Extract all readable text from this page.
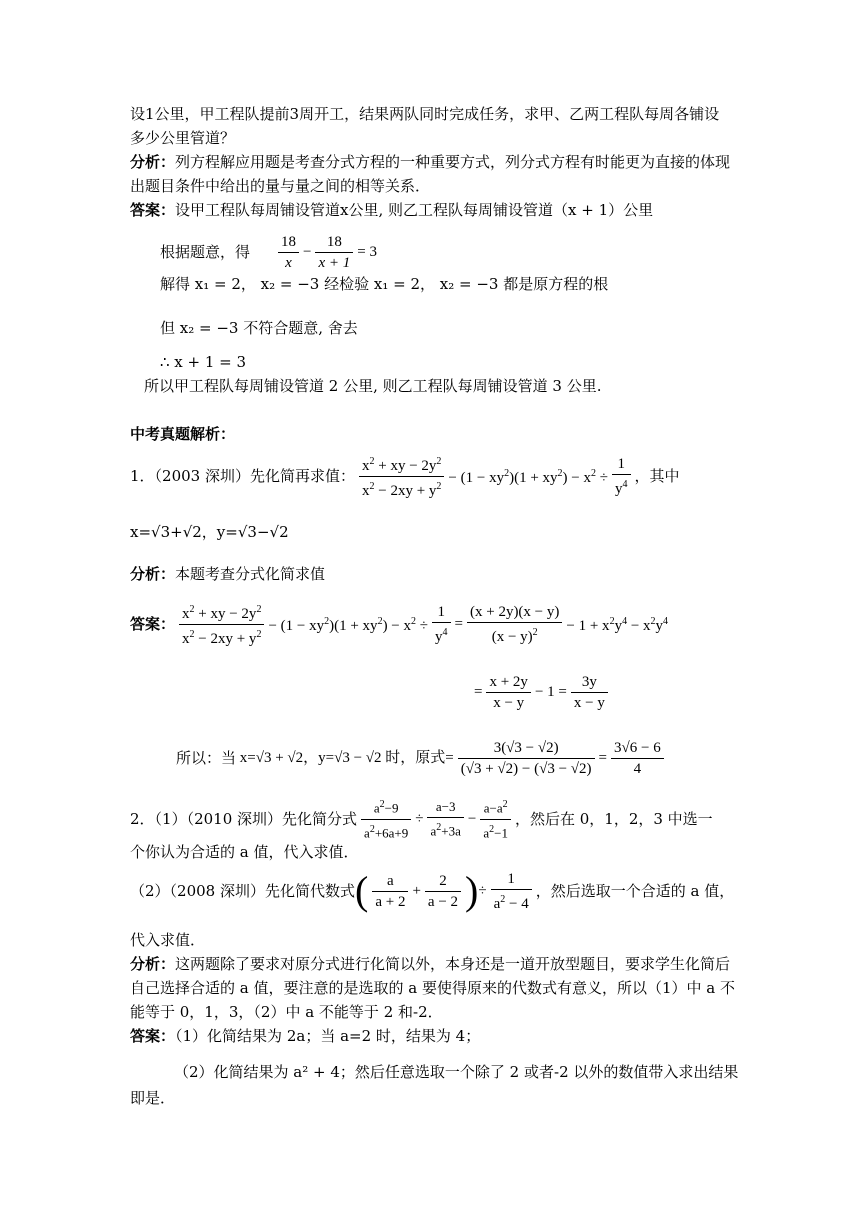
设1公里，甲工程队提前3周开工，结果两队同时完成任务，求甲、乙两工程队每周各铺设
多少公里管道？
分析：列方程解应用题是考查分式方程的一种重要方式，列分式方程有时能更为直接的体现
出题目条件中给出的量与量之间的相等关系．
答案：设甲工程队每周铺设管道x公里, 则乙工程队每周铺设管道（x + 1）公里
根据题意，得 $\frac{18}{x} - \frac{18}{x + 1} = 3$
解得 x₁ = 2， x₂ = −3 经检验 x₁ = 2， x₂ = −3 都是原方程的根
但 x₂ = −3 不符合题意, 舍去
∴ x + 1 = 3
所以甲工程队每周铺设管道 2 公里, 则乙工程队每周铺设管道 3 公里.
中考真题解析：
1．（2003 深圳）先化简再求值： $\frac{x^2 + xy - 2y^2}{x^2 - 2xy + y^2} - (1 - xy^2)(1 + xy^2) - x^2 \div \frac{1}{y^4}$ ，其中
x=√3+√2，y=√3−√2
分析：本题考查分式化简求值
答案： $\frac{x^2 + xy - 2y^2}{x^2 - 2xy + y^2} - (1 - xy^2)(1 + xy^2) - x^2 \div \frac{1}{y^4} = \frac{(x + 2y)(x - y)}{(x - y)^2} - 1 + x^2y^4 - x^2y^4$
= $\frac{x + 2y}{x - y} - 1 = \frac{3y}{x - y}$
所以：当 x=√3 + √2，y=√3 − √2 时，原式= $\frac{3(√3 - √2)}{(√3 + √2) - (√3 - √2)} = \frac{3√6 - 6}{4}$
2．（1）（2010 深圳）先化简分式 $\frac{a^2-9}{a^2+6a+9} \div \frac{a-3}{a^2+3a} - \frac{a-a^2}{a^2-1}$ ，然后在 0，1，2，3 中选一
个你认为合适的 a 值，代入求值．
（2）（2008 深圳）先化简代数式 ( $\frac{a}{a + 2} + \frac{2}{a - 2}$ ) ÷ $\frac{1}{a^2 - 4}$ ，然后选取一个合适的 a 值，
代入求值．
分析：这两题除了要求对原分式进行化简以外，本身还是一道开放型题目，要求学生化简后
自己选择合适的 a 值，要注意的是选取的 a 要使得原来的代数式有意义，所以（1）中 a 不
能等于 0，1，3，（2）中 a 不能等于 2 和-2．
答案：（1）化简结果为 2a；当 a=2 时，结果为 4；
（2）化简结果为 a² + 4；然后任意选取一个除了 2 或者-2 以外的数值带入求出结果
即是．
